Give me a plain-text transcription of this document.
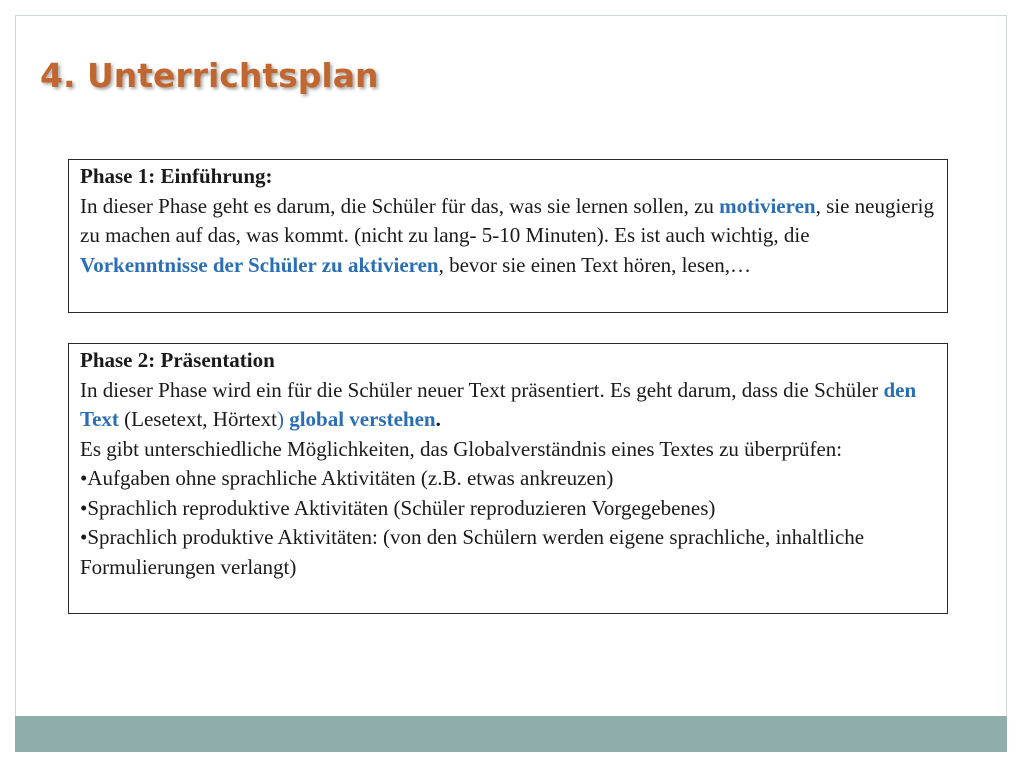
4. Unterrichtsplan

Phase 1: Einführung:

In dieser Phase geht es darum, die Schüler für das, was sie lernen sollen, zu motivieren, sie neugierig zu machen auf das, was kommt. (nicht zu lang- 5-10 Minuten). Es ist auch wichtig, die Vorkenntnisse der Schüler zu aktivieren, bevor sie einen Text hören, lesen,…

Phase 2: Präsentation

In dieser Phase wird ein für die Schüler neuer Text präsentiert. Es geht darum, dass die Schüler den Text (Lesetext, Hörtext) global verstehen.

Es gibt unterschiedliche Möglichkeiten, das Globalverständnis eines Textes zu überprüfen:

•Aufgaben ohne sprachliche Aktivitäten (z.B. etwas ankreuzen)

•Sprachlich reproduktive Aktivitäten (Schüler reproduzieren Vorgegebenes)

•Sprachlich produktive Aktivitäten: (von den Schülern werden eigene sprachliche, inhaltliche Formulierungen verlangt)
